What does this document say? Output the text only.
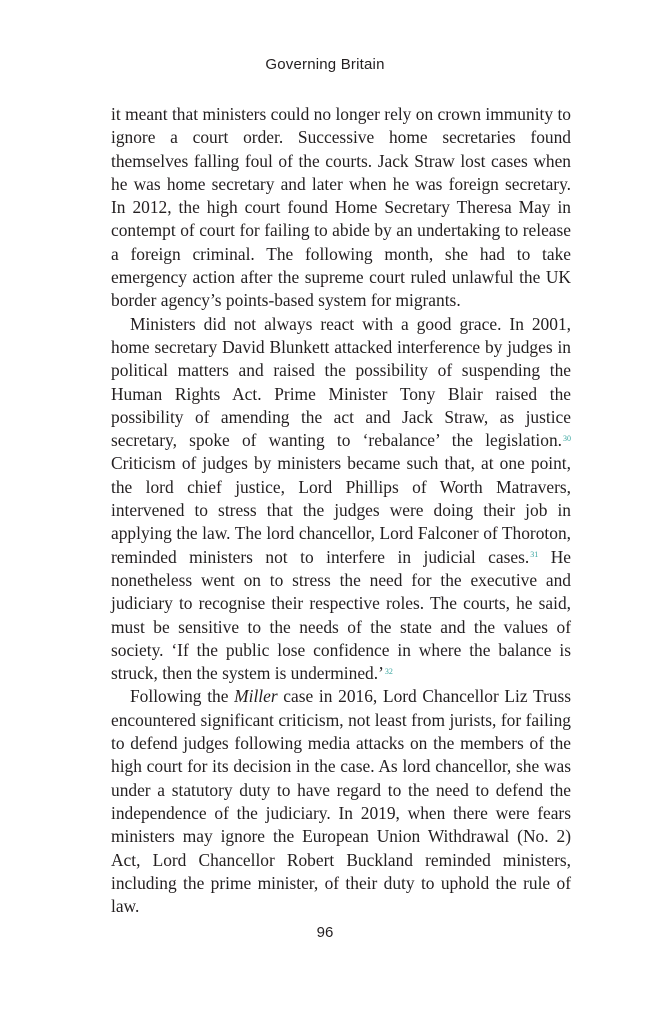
Governing Britain

it meant that ministers could no longer rely on crown immunity to ignore a court order. Successive home secretaries found themselves falling foul of the courts. Jack Straw lost cases when he was home secretary and later when he was foreign secretary. In 2012, the high court found Home Secretary Theresa May in contempt of court for failing to abide by an undertaking to release a foreign criminal. The following month, she had to take emergency action after the supreme court ruled unlawful the UK border agency’s points-based system for migrants.

Ministers did not always react with a good grace. In 2001, home secretary David Blunkett attacked interference by judges in political matters and raised the possibility of suspending the Human Rights Act. Prime Minister Tony Blair raised the possibility of amending the act and Jack Straw, as justice secretary, spoke of wanting to ‘rebalance’ the legislation.$^{30}$ Criticism of judges by ministers became such that, at one point, the lord chief justice, Lord Phillips of Worth Matravers, intervened to stress that the judges were doing their job in applying the law. The lord chancellor, Lord Falconer of Thoroton, reminded ministers not to interfere in judicial cases.$^{31}$ He nonetheless went on to stress the need for the executive and judiciary to recognise their respective roles. The courts, he said, must be sensitive to the needs of the state and the values of society. ‘If the public lose confidence in where the balance is struck, then the system is undermined.’$^{32}$

Following the Miller case in 2016, Lord Chancellor Liz Truss encountered significant criticism, not least from jurists, for failing to defend judges following media attacks on the members of the high court for its decision in the case. As lord chancellor, she was under a statutory duty to have regard to the need to defend the independence of the judiciary. In 2019, when there were fears ministers may ignore the European Union Withdrawal (No. 2) Act, Lord Chancellor Robert Buckland reminded ministers, including the prime minister, of their duty to uphold the rule of law.

96
